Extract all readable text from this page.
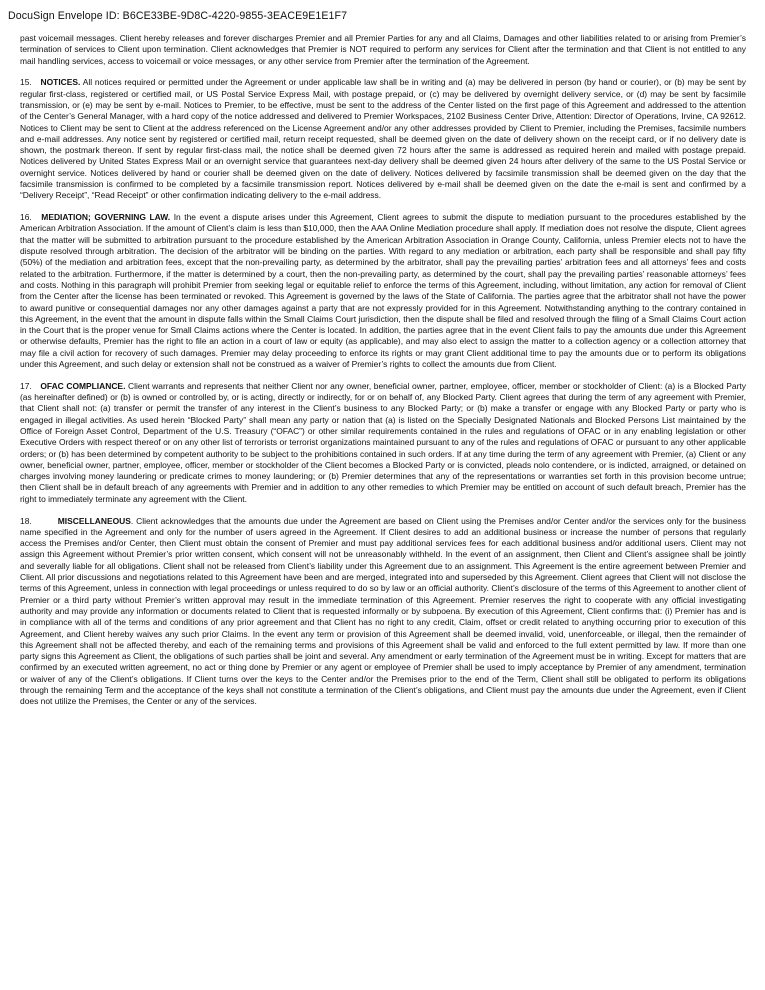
DocuSign Envelope ID: B6CE33BE-9D8C-4220-9855-3EACE9E1E1F7

past voicemail messages. Client hereby releases and forever discharges Premier and all Premier Parties for any and all Claims, Damages and other liabilities related to or arising from Premier’s termination of services to Client upon termination. Client acknowledges that Premier is NOT required to perform any services for Client after the termination and that Client is not entitled to any mail handling services, access to voicemail or voice messages, or any other service from Premier after the termination of the Agreement.

15. NOTICES. All notices required or permitted under the Agreement or under applicable law shall be in writing and (a) may be delivered in person (by hand or courier), or (b) may be sent by regular first-class, registered or certified mail, or US Postal Service Express Mail, with postage prepaid, or (c) may be delivered by overnight delivery service, or (d) may be sent by facsimile transmission, or (e) may be sent by e-mail. Notices to Premier, to be effective, must be sent to the address of the Center listed on the first page of this Agreement and addressed to the attention of the Center’s General Manager, with a hard copy of the notice addressed and delivered to Premier Workspaces, 2102 Business Center Drive, Attention: Director of Operations, Irvine, CA 92612. Notices to Client may be sent to Client at the address referenced on the License Agreement and/or any other addresses provided by Client to Premier, including the Premises, facsimile numbers and e-mail addresses. Any notice sent by registered or certified mail, return receipt requested, shall be deemed given on the date of delivery shown on the receipt card, or if no delivery date is shown, the postmark thereon. If sent by regular first-class mail, the notice shall be deemed given 72 hours after the same is addressed as required herein and mailed with postage prepaid. Notices delivered by United States Express Mail or an overnight service that guarantees next-day delivery shall be deemed given 24 hours after delivery of the same to the US Postal Service or overnight service. Notices delivered by hand or courier shall be deemed given on the date of delivery. Notices delivered by facsimile transmission shall be deemed given on the day that the facsimile transmission is confirmed to be completed by a facsimile transmission report. Notices delivered by e-mail shall be deemed given on the date the e-mail is sent and confirmed by a “Delivery Receipt”, “Read Receipt” or other confirmation indicating delivery to the e-mail address.

16. MEDIATION; GOVERNING LAW. In the event a dispute arises under this Agreement, Client agrees to submit the dispute to mediation pursuant to the procedures established by the American Arbitration Association. If the amount of Client’s claim is less than $10,000, then the AAA Online Mediation procedure shall apply. If mediation does not resolve the dispute, Client agrees that the matter will be submitted to arbitration pursuant to the procedure established by the American Arbitration Association in Orange County, California, unless Premier elects not to have the dispute resolved through arbitration. The decision of the arbitrator will be binding on the parties. With regard to any mediation or arbitration, each party shall be responsible and shall pay fifty (50%) of the mediation and arbitration fees, except that the non-prevailing party, as determined by the arbitrator, shall pay the prevailing parties’ arbitration fees and all attorneys’ fees and costs related to the arbitration. Furthermore, if the matter is determined by a court, then the non-prevailing party, as determined by the court, shall pay the prevailing parties’ reasonable attorneys’ fees and costs. Nothing in this paragraph will prohibit Premier from seeking legal or equitable relief to enforce the terms of this Agreement, including, without limitation, any action for removal of Client from the Center after the license has been terminated or revoked. This Agreement is governed by the laws of the State of California. The parties agree that the arbitrator shall not have the power to award punitive or consequential damages nor any other damages against a party that are not expressly provided for in this Agreement. Notwithstanding anything to the contrary contained in this Agreement, in the event that the amount in dispute falls within the Small Claims Court jurisdiction, then the dispute shall be filed and resolved through the filing of a Small Claims Court action in the Court that is the proper venue for Small Claims actions where the Center is located. In addition, the parties agree that in the event Client fails to pay the amounts due under this Agreement or otherwise defaults, Premier has the right to file an action in a court of law or equity (as applicable), and may also elect to assign the matter to a collection agency or a collection attorney that may file a civil action for recovery of such damages. Premier may delay proceeding to enforce its rights or may grant Client additional time to pay the amounts due or to perform its obligations under this Agreement, and such delay or extension shall not be construed as a waiver of Premier’s rights to collect the amounts due from Client.

17. OFAC COMPLIANCE. Client warrants and represents that neither Client nor any owner, beneficial owner, partner, employee, officer, member or stockholder of Client: (a) is a Blocked Party (as hereinafter defined) or (b) is owned or controlled by, or is acting, directly or indirectly, for or on behalf of, any Blocked Party. Client agrees that during the term of any agreement with Premier, that Client shall not: (a) transfer or permit the transfer of any interest in the Client’s business to any Blocked Party; or (b) make a transfer or engage with any Blocked Party or party who is engaged in illegal activities. As used herein “Blocked Party” shall mean any party or nation that (a) is listed on the Specially Designated Nationals and Blocked Persons List maintained by the Office of Foreign Asset Control, Department of the U.S. Treasury (“OFAC”) or other similar requirements contained in the rules and regulations of OFAC or in any enabling legislation or other Executive Orders with respect thereof or on any other list of terrorists or terrorist organizations maintained pursuant to any of the rules and regulations of OFAC or pursuant to any other applicable orders; or (b) has been determined by competent authority to be subject to the prohibitions contained in such orders. If at any time during the term of any agreement with Premier, (a) Client or any owner, beneficial owner, partner, employee, officer, member or stockholder of the Client becomes a Blocked Party or is convicted, pleads nolo contendere, or is indicted, arraigned, or detained on charges involving money laundering or predicate crimes to money laundering; or (b) Premier determines that any of the representations or warranties set forth in this provision become untrue; then Client shall be in default breach of any agreements with Premier and in addition to any other remedies to which Premier may be entitled on account of such default breach, Premier has the right to immediately terminate any agreement with the Client.

18.	MISCELLANEOUS. Client acknowledges that the amounts due under the Agreement are based on Client using the Premises and/or Center and/or the services only for the business name specified in the Agreement and only for the number of users agreed in the Agreement. If Client desires to add an additional business or increase the number of persons that regularly access the Premises and/or Center, then Client must obtain the consent of Premier and must pay additional services fees for each additional business and/or additional users. Client may not assign this Agreement without Premier’s prior written consent, which consent will not be unreasonably withheld. In the event of an assignment, then Client and Client’s assignee shall be jointly and severally liable for all obligations. Client shall not be released from Client’s liability under this Agreement due to an assignment. This Agreement is the entire agreement between Premier and Client. All prior discussions and negotiations related to this Agreement have been and are merged, integrated into and superseded by this Agreement. Client agrees that Client will not disclose the terms of this Agreement, unless in connection with legal proceedings or unless required to do so by law or an official authority. Client’s disclosure of the terms of this Agreement to another client of Premier or a third party without Premier’s written approval may result in the immediate termination of this Agreement. Premier reserves the right to cooperate with any official investigating authority and may provide any information or documents related to Client that is requested informally or by subpoena. By execution of this Agreement, Client confirms that: (i) Premier has and is in compliance with all of the terms and conditions of any prior agreement and that Client has no right to any credit, Claim, offset or credit related to anything occurring prior to execution of this Agreement, and Client hereby waives any such prior Claims. In the event any term or provision of this Agreement shall be deemed invalid, void, unenforceable, or illegal, then the remainder of this Agreement shall not be affected thereby, and each of the remaining terms and provisions of this Agreement shall be valid and enforced to the full extent permitted by law. If more than one party signs this Agreement as Client, the obligations of such parties shall be joint and several. Any amendment or early termination of the Agreement must be in writing. Except for matters that are confirmed by an executed written agreement, no act or thing done by Premier or any agent or employee of Premier shall be used to imply acceptance by Premier of any amendment, termination or waiver of any of the Client’s obligations. If Client turns over the keys to the Center and/or the Premises prior to the end of the Term, Client shall still be obligated to perform its obligations through the remaining Term and the acceptance of the keys shall not constitute a termination of the Client’s obligations, and Client must pay the amounts due under the Agreement, even if Client does not utilize the Premises, the Center or any of the services.
